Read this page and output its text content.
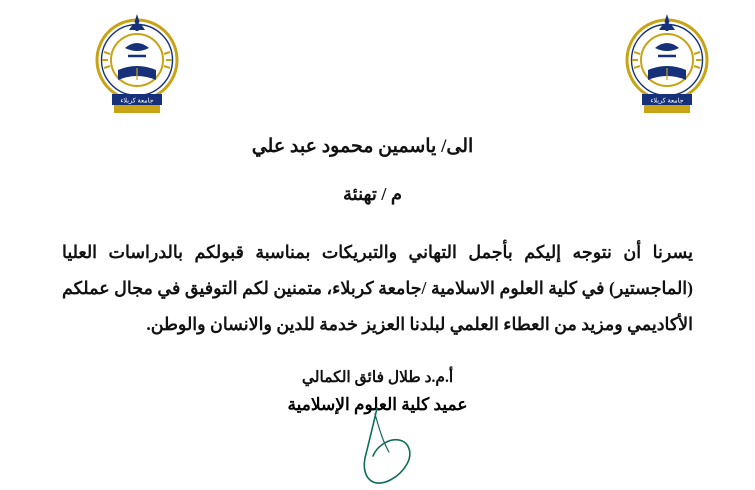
جامعة كربلاء	جامعة كربلاء
الى/ ياسمين محمود عبد علي
م / تهنئة

يسرنا أن نتوجه إليكم بأجمل التهاني والتبريكات بمناسبة قبولكم بالدراسات العليا (الماجستير) في كلية العلوم الاسلامية /جامعة كربلاء، متمنين لكم التوفيق في مجال عملكم الأكاديمي ومزيد من العطاء العلمي لبلدنا العزيز خدمة للدين والانسان والوطن.

أ.م.د طلال فائق الكمالي
عميد كلية العلوم الإسلامية
